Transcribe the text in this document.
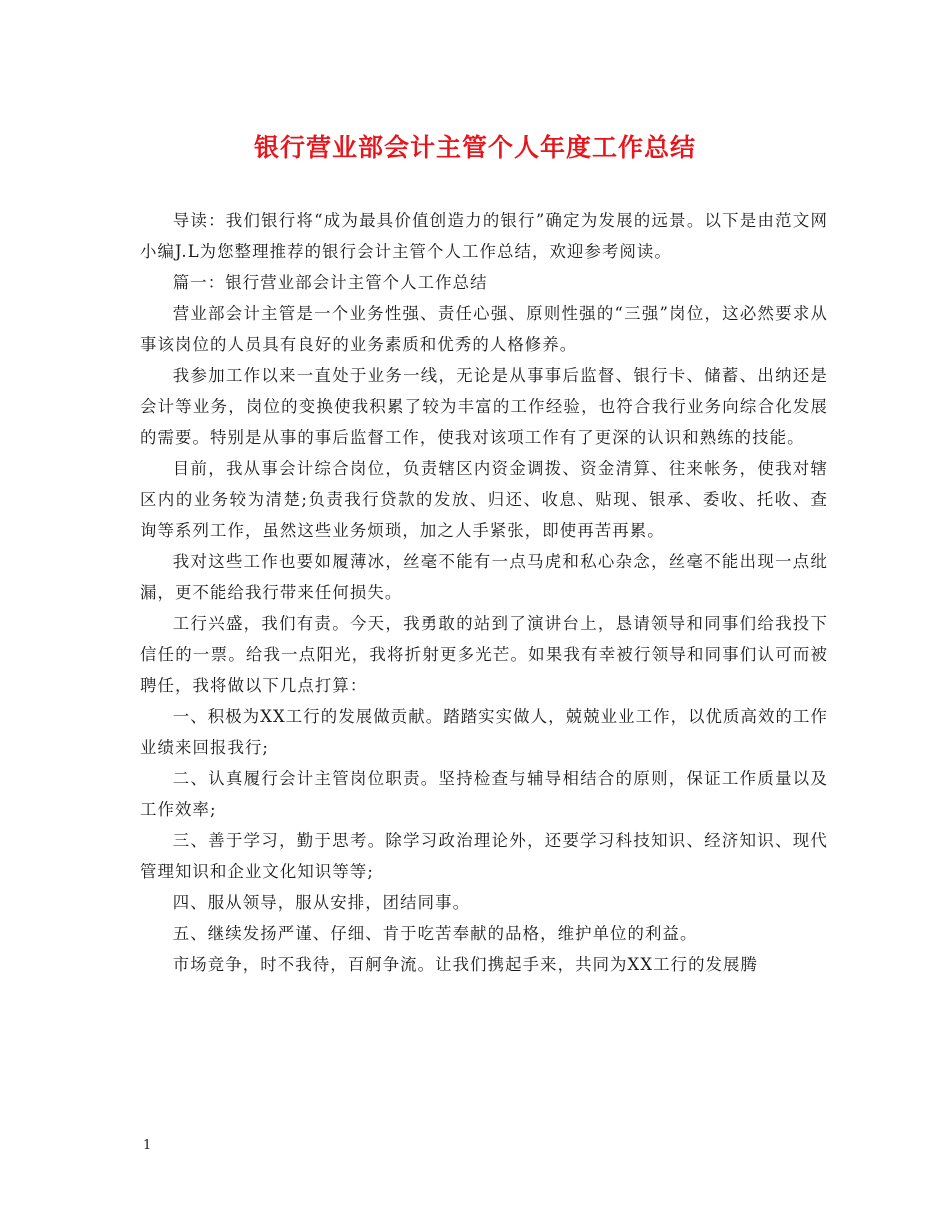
银行营业部会计主管个人年度工作总结

导读：我们银行将“成为最具价值创造力的银行”确定为发展的远景。以下是由范文网小编J.L为您整理推荐的银行会计主管个人工作总结，欢迎参考阅读。

篇一：银行营业部会计主管个人工作总结

营业部会计主管是一个业务性强、责任心强、原则性强的“三强”岗位，这必然要求从事该岗位的人员具有良好的业务素质和优秀的人格修养。

我参加工作以来一直处于业务一线，无论是从事事后监督、银行卡、储蓄、出纳还是会计等业务，岗位的变换使我积累了较为丰富的工作经验，也符合我行业务向综合化发展的需要。特别是从事的事后监督工作，使我对该项工作有了更深的认识和熟练的技能。

目前，我从事会计综合岗位，负责辖区内资金调拨、资金清算、往来帐务，使我对辖区内的业务较为清楚;负责我行贷款的发放、归还、收息、贴现、银承、委收、托收、查询等系列工作，虽然这些业务烦琐，加之人手紧张，即使再苦再累。

我对这些工作也要如履薄冰，丝毫不能有一点马虎和私心杂念，丝毫不能出现一点纰漏，更不能给我行带来任何损失。

工行兴盛，我们有责。今天，我勇敢的站到了演讲台上，恳请领导和同事们给我投下信任的一票。给我一点阳光，我将折射更多光芒。如果我有幸被行领导和同事们认可而被聘任，我将做以下几点打算：

一、积极为XX工行的发展做贡献。踏踏实实做人，兢兢业业工作，以优质高效的工作业绩来回报我行;

二、认真履行会计主管岗位职责。坚持检查与辅导相结合的原则，保证工作质量以及工作效率;

三、善于学习，勤于思考。除学习政治理论外，还要学习科技知识、经济知识、现代管理知识和企业文化知识等等;

四、服从领导，服从安排，团结同事。

五、继续发扬严谨、仔细、肯于吃苦奉献的品格，维护单位的利益。

市场竞争，时不我待，百舸争流。让我们携起手来，共同为XX工行的发展腾

1
